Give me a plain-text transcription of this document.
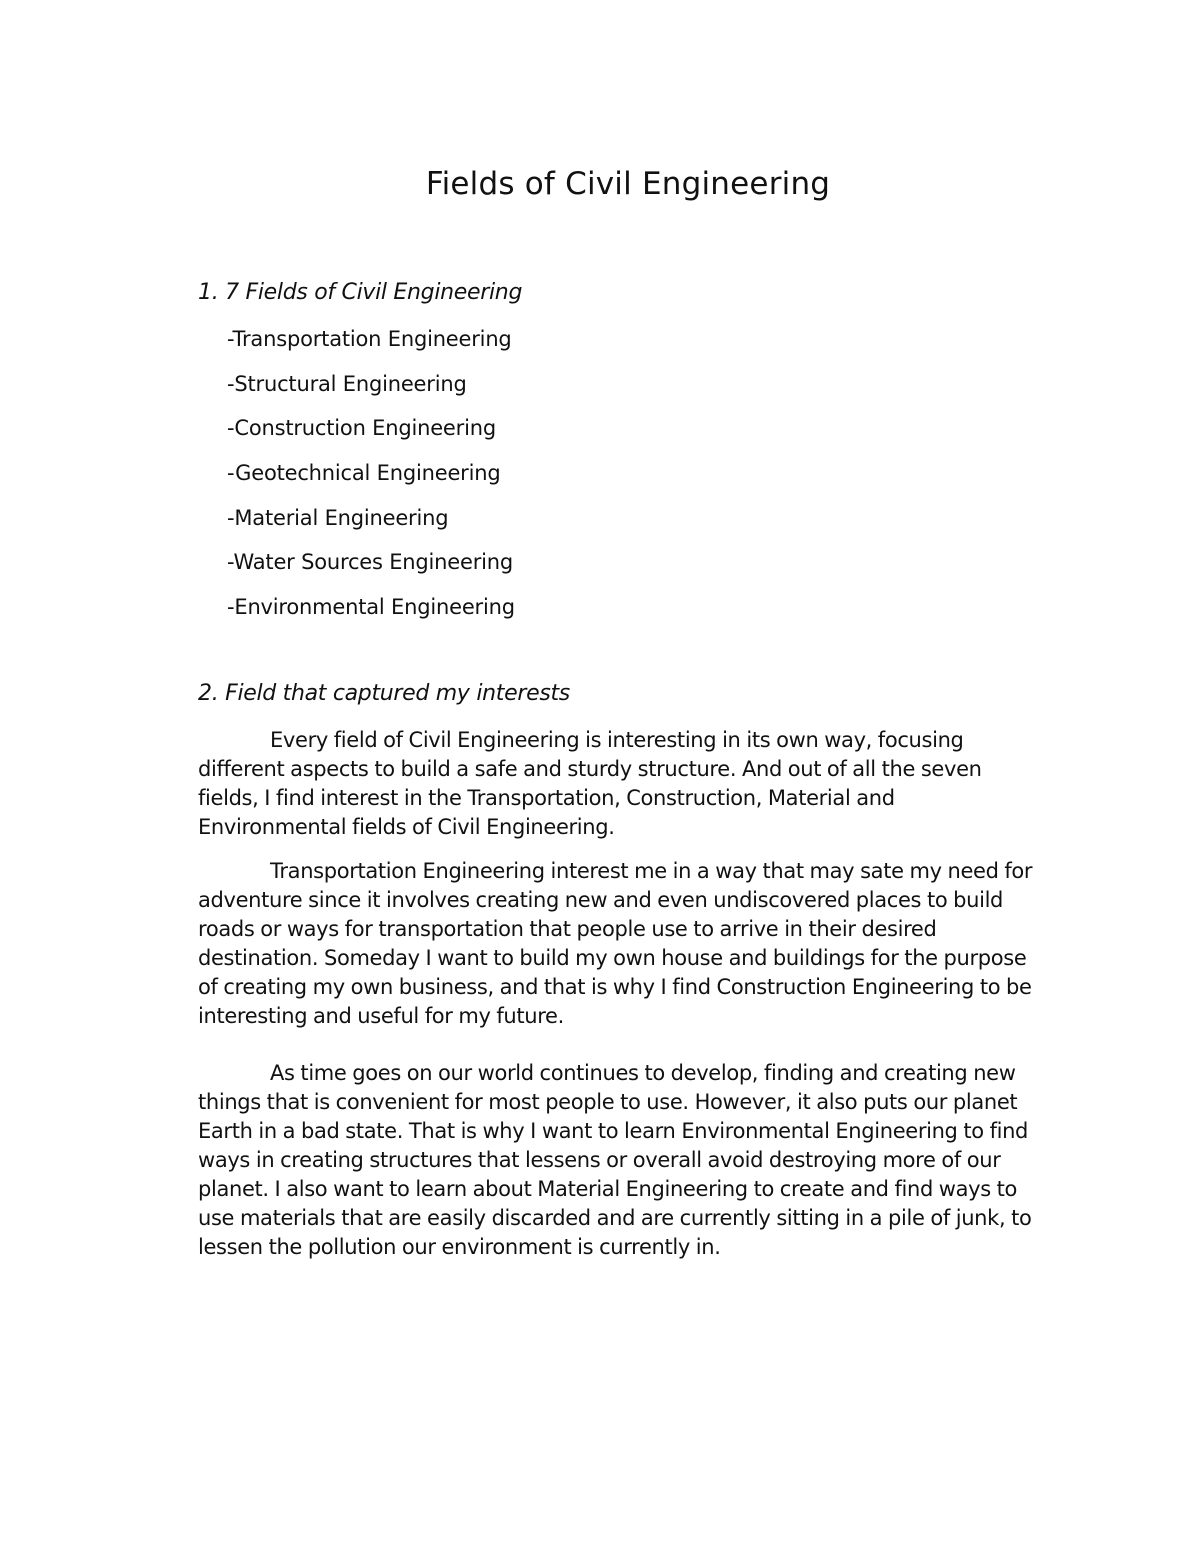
Fields of Civil Engineering
1. 7 Fields of Civil Engineering
-Transportation Engineering
-Structural Engineering
-Construction Engineering
-Geotechnical Engineering
-Material Engineering
-Water Sources Engineering
-Environmental Engineering
2. Field that captured my interests

Every field of Civil Engineering is interesting in its own way, focusing different aspects to build a safe and sturdy structure. And out of all the seven fields, I find interest in the Transportation, Construction, Material and Environmental fields of Civil Engineering.

Transportation Engineering interest me in a way that may sate my need for adventure since it involves creating new and even undiscovered places to build roads or ways for transportation that people use to arrive in their desired destination. Someday I want to build my own house and buildings for the purpose of creating my own business, and that is why I find Construction Engineering to be interesting and useful for my future.

As time goes on our world continues to develop, finding and creating new things that is convenient for most people to use. However, it also puts our planet Earth in a bad state. That is why I want to learn Environmental Engineering to find ways in creating structures that lessens or overall avoid destroying more of our planet. I also want to learn about Material Engineering to create and find ways to use materials that are easily discarded and are currently sitting in a pile of junk, to lessen the pollution our environment is currently in.
